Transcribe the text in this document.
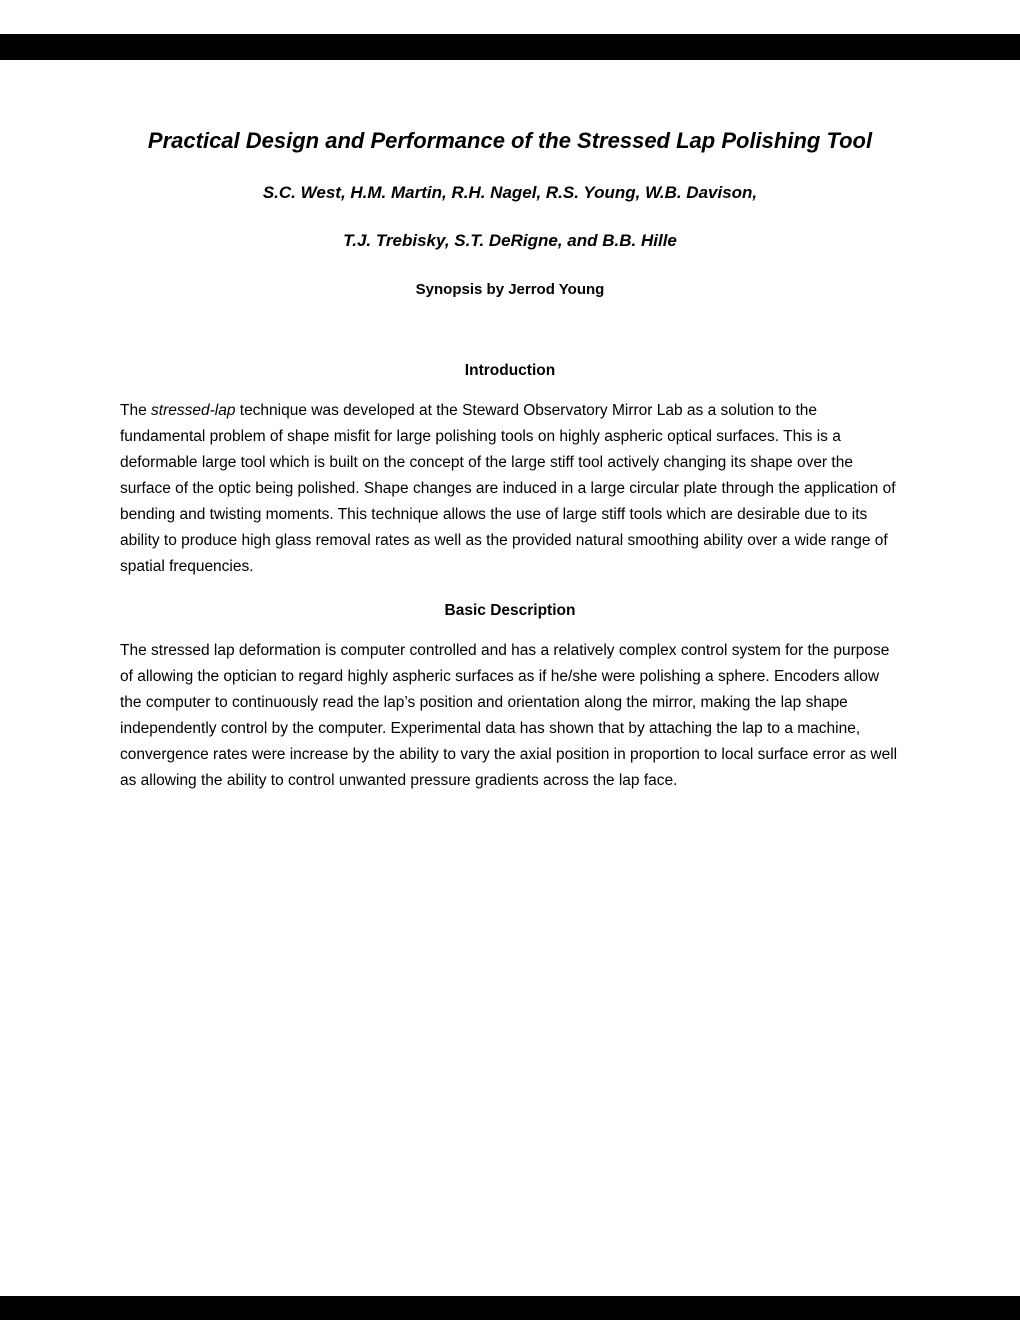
Practical Design and Performance of the Stressed Lap Polishing Tool

S.C. West, H.M. Martin, R.H. Nagel, R.S. Young, W.B. Davison,

T.J. Trebisky, S.T. DeRigne, and B.B. Hille

Synopsis by Jerrod Young

Introduction

The stressed-lap technique was developed at the Steward Observatory Mirror Lab as a solution to the fundamental problem of shape misfit for large polishing tools on highly aspheric optical surfaces. This is a deformable large tool which is built on the concept of the large stiff tool actively changing its shape over the surface of the optic being polished. Shape changes are induced in a large circular plate through the application of bending and twisting moments. This technique allows the use of large stiff tools which are desirable due to its ability to produce high glass removal rates as well as the provided natural smoothing ability over a wide range of spatial frequencies.

Basic Description

The stressed lap deformation is computer controlled and has a relatively complex control system for the purpose of allowing the optician to regard highly aspheric surfaces as if he/she were polishing a sphere. Encoders allow the computer to continuously read the lap’s position and orientation along the mirror, making the lap shape independently control by the computer. Experimental data has shown that by attaching the lap to a machine, convergence rates were increase by the ability to vary the axial position in proportion to local surface error as well as allowing the ability to control unwanted pressure gradients across the lap face.
